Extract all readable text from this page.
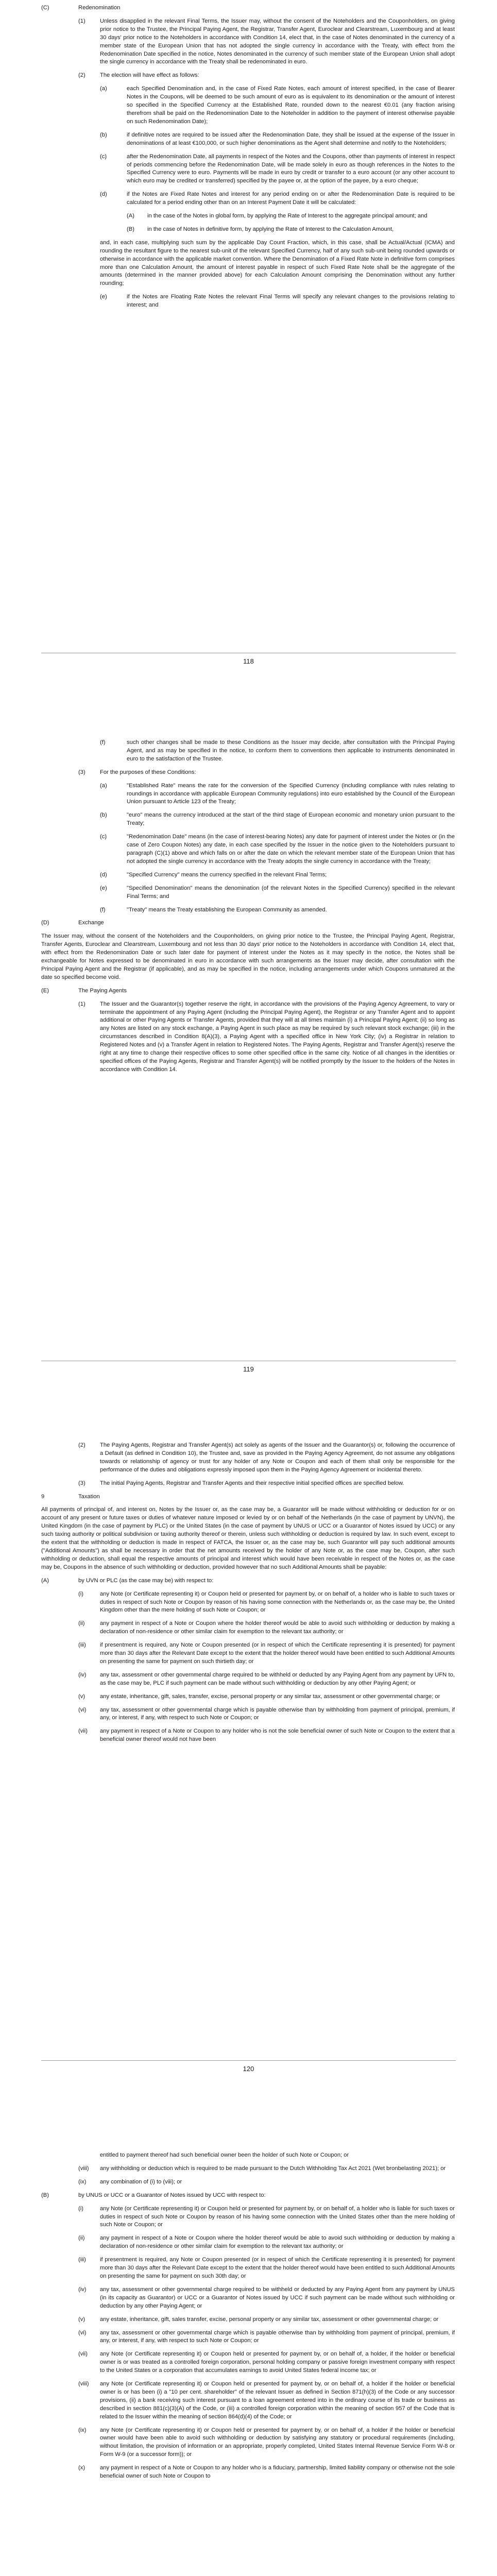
(C)	Redenomination
(1)	Unless disapplied in the relevant Final Terms, the Issuer may, without the consent of the Noteholders and the Couponholders, on giving prior notice to the Trustee, the Principal Paying Agent, the Registrar, Transfer Agent, Euroclear and Clearstream, Luxembourg and at least 30 days' prior notice to the Noteholders in accordance with Condition 14, elect that, in the case of Notes denominated in the currency of a member state of the European Union that has not adopted the single currency in accordance with the Treaty, with effect from the Redenomination Date specified in the notice, Notes denominated in the currency of such member state of the European Union shall adopt the single currency in accordance with the Treaty shall be redenominated in euro.
(2)	The election will have effect as follows:
(a)	each Specified Denomination and, in the case of Fixed Rate Notes, each amount of interest specified, in the case of Bearer Notes in the Coupons, will be deemed to be such amount of euro as is equivalent to its denomination or the amount of interest so specified in the Specified Currency at the Established Rate, rounded down to the nearest €0.01 (any fraction arising therefrom shall be paid on the Redenomination Date to the Noteholder in addition to the payment of interest otherwise payable on such Redenomination Date);
(b)	if definitive notes are required to be issued after the Redenomination Date, they shall be issued at the expense of the Issuer in denominations of at least €100,000, or such higher denominations as the Agent shall determine and notify to the Noteholders;
(c)	after the Redenomination Date, all payments in respect of the Notes and the Coupons, other than payments of interest in respect of periods commencing before the Redenomination Date, will be made solely in euro as though references in the Notes to the Specified Currency were to euro. Payments will be made in euro by credit or transfer to a euro account (or any other account to which euro may be credited or transferred) specified by the payee or, at the option of the payee, by a euro cheque;
(d)	if the Notes are Fixed Rate Notes and interest for any period ending on or after the Redenomination Date is required to be calculated for a period ending other than on an Interest Payment Date it will be calculated:
(A)	in the case of the Notes in global form, by applying the Rate of Interest to the aggregate principal amount; and
(B)	in the case of Notes in definitive form, by applying the Rate of Interest to the Calculation Amount,
and, in each case, multiplying such sum by the applicable Day Count Fraction, which, in this case, shall be Actual/Actual (ICMA) and rounding the resultant figure to the nearest sub-unit of the relevant Specified Currency, half of any such sub-unit being rounded upwards or otherwise in accordance with the applicable market convention. Where the Denomination of a Fixed Rate Note in definitive form comprises more than one Calculation Amount, the amount of interest payable in respect of such Fixed Rate Note shall be the aggregate of the amounts (determined in the manner provided above) for each Calculation Amount comprising the Denomination without any further rounding;
(e)	if the Notes are Floating Rate Notes the relevant Final Terms will specify any relevant changes to the provisions relating to interest; and
118
(f)	such other changes shall be made to these Conditions as the Issuer may decide, after consultation with the Principal Paying Agent, and as may be specified in the notice, to conform them to conventions then applicable to instruments denominated in euro to the satisfaction of the Trustee.
(3)	For the purposes of these Conditions:
(a)	"Established Rate" means the rate for the conversion of the Specified Currency (including compliance with rules relating to roundings in accordance with applicable European Community regulations) into euro established by the Council of the European Union pursuant to Article 123 of the Treaty;
(b)	"euro" means the currency introduced at the start of the third stage of European economic and monetary union pursuant to the Treaty;
(c)	"Redenomination Date" means (in the case of interest-bearing Notes) any date for payment of interest under the Notes or (in the case of Zero Coupon Notes) any date, in each case specified by the Issuer in the notice given to the Noteholders pursuant to paragraph (C)(1) above and which falls on or after the date on which the relevant member state of the European Union that has not adopted the single currency in accordance with the Treaty adopts the single currency in accordance with the Treaty;
(d)	"Specified Currency" means the currency specified in the relevant Final Terms;
(e)	"Specified Denomination" means the denomination (of the relevant Notes in the Specified Currency) specified in the relevant Final Terms; and
(f)	"Treaty" means the Treaty establishing the European Community as amended.
(D)	Exchange
The Issuer may, without the consent of the Noteholders and the Couponholders, on giving prior notice to the Trustee, the Principal Paying Agent, Registrar, Transfer Agents, Euroclear and Clearstream, Luxembourg and not less than 30 days' prior notice to the Noteholders in accordance with Condition 14, elect that, with effect from the Redenomination Date or such later date for payment of interest under the Notes as it may specify in the notice, the Notes shall be exchangeable for Notes expressed to be denominated in euro in accordance with such arrangements as the Issuer may decide, after consultation with the Principal Paying Agent and the Registrar (if applicable), and as may be specified in the notice, including arrangements under which Coupons unmatured at the date so specified become void.
(E)	The Paying Agents
(1)	The Issuer and the Guarantor(s) together reserve the right, in accordance with the provisions of the Paying Agency Agreement, to vary or terminate the appointment of any Paying Agent (including the Principal Paying Agent), the Registrar or any Transfer Agent and to appoint additional or other Paying Agents or Transfer Agents, provided that they will at all times maintain (i) a Principal Paying Agent; (ii) so long as any Notes are listed on any stock exchange, a Paying Agent in such place as may be required by such relevant stock exchange; (iii) in the circumstances described in Condition 8(A)(3), a Paying Agent with a specified office in New York City; (iv) a Registrar in relation to Registered Notes and (v) a Transfer Agent in relation to Registered Notes. The Paying Agents, Registrar and Transfer Agent(s) reserve the right at any time to change their respective offices to some other specified office in the same city. Notice of all changes in the identities or specified offices of the Paying Agents, Registrar and Transfer Agent(s) will be notified promptly by the Issuer to the holders of the Notes in accordance with Condition 14.
119
(2)	The Paying Agents, Registrar and Transfer Agent(s) act solely as agents of the Issuer and the Guarantor(s) or, following the occurrence of a Default (as defined in Condition 10), the Trustee and, save as provided in the Paying Agency Agreement, do not assume any obligations towards or relationship of agency or trust for any holder of any Note or Coupon and each of them shall only be responsible for the performance of the duties and obligations expressly imposed upon them in the Paying Agency Agreement or incidental thereto.
(3)	The initial Paying Agents, Registrar and Transfer Agents and their respective initial specified offices are specified below.
9	Taxation
All payments of principal of, and interest on, Notes by the Issuer or, as the case may be, a Guarantor will be made without withholding or deduction for or on account of any present or future taxes or duties of whatever nature imposed or levied by or on behalf of the Netherlands (in the case of payment by UNVN), the United Kingdom (in the case of payment by PLC) or the United States (in the case of payment by UNUS or UCC or a Guarantor of Notes issued by UCC) or any such taxing authority or political subdivision or taxing authority thereof or therein, unless such withholding or deduction is required by law. In such event, except to the extent that the withholding or deduction is made in respect of FATCA, the Issuer or, as the case may be, such Guarantor will pay such additional amounts ("Additional Amounts") as shall be necessary in order that the net amounts received by the holder of any Note or, as the case may be, Coupon, after such withholding or deduction, shall equal the respective amounts of principal and interest which would have been receivable in respect of the Notes or, as the case may be, Coupons in the absence of such withholding or deduction, provided however that no such Additional Amounts shall be payable:
(A)	by UVN or PLC (as the case may be) with respect to:
(i)	any Note (or Certificate representing it) or Coupon held or presented for payment by, or on behalf of, a holder who is liable to such taxes or duties in respect of such Note or Coupon by reason of his having some connection with the Netherlands or, as the case may be, the United Kingdom other than the mere holding of such Note or Coupon; or
(ii)	any payment in respect of a Note or Coupon where the holder thereof would be able to avoid such withholding or deduction by making a declaration of non-residence or other similar claim for exemption to the relevant tax authority; or
(iii)	if presentment is required, any Note or Coupon presented (or in respect of which the Certificate representing it is presented) for payment more than 30 days after the Relevant Date except to the extent that the holder thereof would have been entitled to such Additional Amounts on presenting the same for payment on such thirtieth day; or
(iv)	any tax, assessment or other governmental charge required to be withheld or deducted by any Paying Agent from any payment by UFN to, as the case may be, PLC if such payment can be made without such withholding or deduction by any other Paying Agent; or
(v)	any estate, inheritance, gift, sales, transfer, excise, personal property or any similar tax, assessment or other governmental charge; or
(vi)	any tax, assessment or other governmental charge which is payable otherwise than by withholding from payment of principal, premium, if any, or interest, if any, with respect to such Note or Coupon; or
(vii)	any payment in respect of a Note or Coupon to any holder who is not the sole beneficial owner of such Note or Coupon to the extent that a beneficial owner thereof would not have been
120
entitled to payment thereof had such beneficial owner been the holder of such Note or Coupon; or
(viii)	any withholding or deduction which is required to be made pursuant to the Dutch Withholding Tax Act 2021 (Wet bronbelasting 2021); or
(ix)	any combination of (i) to (viii); or
(B)	by UNUS or UCC or a Guarantor of Notes issued by UCC with respect to:
(i)	any Note (or Certificate representing it) or Coupon held or presented for payment by, or on behalf of, a holder who is liable for such taxes or duties in respect of such Note or Coupon by reason of his having some connection with the United States other than the mere holding of such Note or Coupon; or
(ii)	any payment in respect of a Note or Coupon where the holder thereof would be able to avoid such withholding or deduction by making a declaration of non-residence or other similar claim for exemption to the relevant tax authority; or
(iii)	if presentment is required, any Note or Coupon presented (or in respect of which the Certificate representing it is presented) for payment more than 30 days after the Relevant Date except to the extent that the holder thereof would have been entitled to such Additional Amounts on presenting the same for payment on such 30th day; or
(iv)	any tax, assessment or other governmental charge required to be withheld or deducted by any Paying Agent from any payment by UNUS (in its capacity as Guarantor) or UCC or a Guarantor of Notes issued by UCC if such payment can be made without such withholding or deduction by any other Paying Agent; or
(v)	any estate, inheritance, gift, sales transfer, excise, personal property or any similar tax, assessment or other governmental charge; or
(vi)	any tax, assessment or other governmental charge which is payable otherwise than by withholding from payment of principal, premium, if any, or interest, if any, with respect to such Note or Coupon; or
(vii)	any Note (or Certificate representing it) or Coupon held or presented for payment by, or on behalf of, a holder, if the holder or beneficial owner is or was treated as a controlled foreign corporation, personal holding company or passive foreign investment company with respect to the United States or a corporation that accumulates earnings to avoid United States federal income tax; or
(viii)	any Note (or Certificate representing it) or Coupon held or presented for payment by, or on behalf of, a holder if the holder or beneficial owner is or has been (i) a "10 per cent. shareholder" of the relevant Issuer as defined in Section 871(h)(3) of the Code or any successor provisions, (ii) a bank receiving such interest pursuant to a loan agreement entered into in the ordinary course of its trade or business as described in section 881(c)(3)(A) of the Code, or (iii) a controlled foreign corporation within the meaning of section 957 of the Code that is related to the Issuer within the meaning of section 864(d)(4) of the Code; or
(ix)	any Note (or Certificate representing it) or Coupon held or presented for payment by, or on behalf of, a holder if the holder or beneficial owner would have been able to avoid such withholding or deduction by satisfying any statutory or procedural requirements (including, without limitation, the provision of information or an appropriate, properly completed, United States Internal Revenue Service Form W-8 or Form W-9 (or a successor form)); or
(x)	any payment in respect of a Note or Coupon to any holder who is a fiduciary, partnership, limited liability company or otherwise not the sole beneficial owner of such Note or Coupon to
